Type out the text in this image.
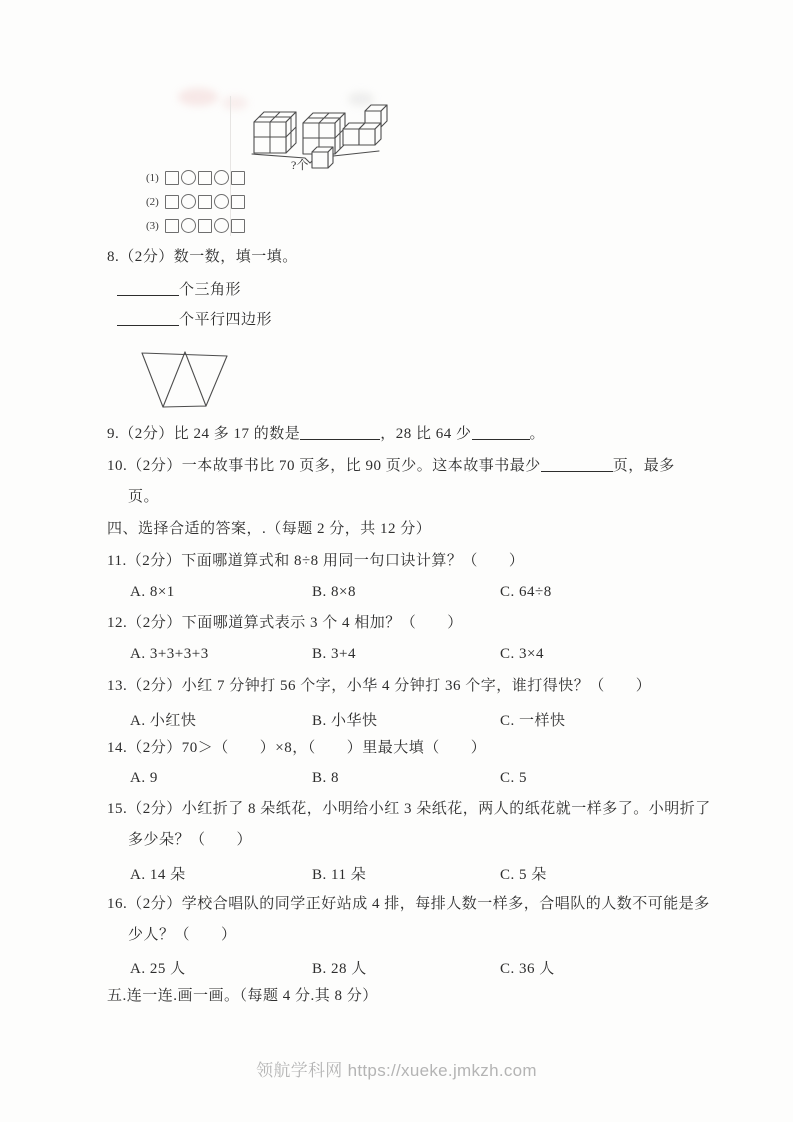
?个
(1)
(2)
(3)
8.（2分）数一数，填一填。
个三角形
个平行四边形
9.（2分）比 24 多 17 的数是	，28 比 64 少	。
10.（2分）一本故事书比 70 页多，比 90 页少。这本故事书最少	页，最多
页。
四、选择合适的答案，.（每题 2 分，共 12 分）
11.（2分）下面哪道算式和 8÷8 用同一句口诀计算？（　　）
A. 8×1	B. 8×8	C. 64÷8
12.（2分）下面哪道算式表示 3 个 4 相加？（　　）
A. 3+3+3+3	B. 3+4	C. 3×4
13.（2分）小红 7 分钟打 56 个字，小华 4 分钟打 36 个字，谁打得快？（　　）
A. 小红快	B. 小华快	C. 一样快
14.（2分）70＞（　　）×8，（　　）里最大填（　　）
A. 9	B. 8	C. 5
15.（2分）小红折了 8 朵纸花，小明给小红 3 朵纸花，两人的纸花就一样多了。小明折了
多少朵？（　　）
A. 14 朵	B. 11 朵	C. 5 朵
16.（2分）学校合唱队的同学正好站成 4 排，每排人数一样多，合唱队的人数不可能是多
少人？（　　）
A. 25 人	B. 28 人	C. 36 人
五.连一连.画一画。（每题 4 分.其 8 分）
领航学科网 https://xueke.jmkzh.com
